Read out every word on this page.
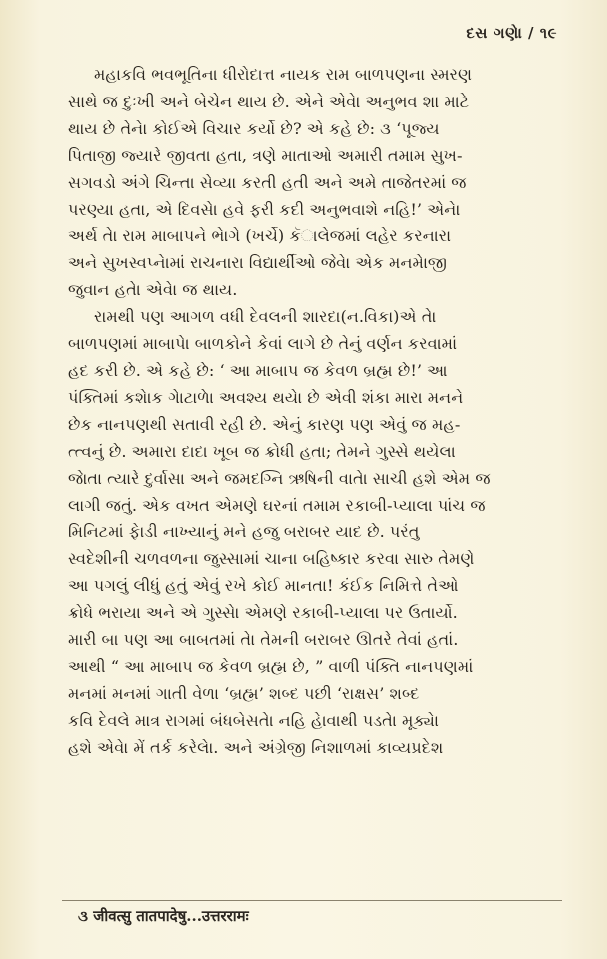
દસ ગણેા / ૧૯

મહાકવિ ભવભૂતિના ધીરોદાત્ત નાયક રામ બાળપણના સ્મરણ
સાથે જ દુઃખી અને બેચેન થાય છે. એને એવેા અનુભવ શા માટે
થાય છે તેનેા કોઈએ વિચાર કર્યો છે? એ કહે છે: ૩ ‘પૂજ્ય
પિતાજી જ્યારે જીવતા હતા, ત્રણે માતાઓ અમારી તમામ સુખ-
સગવડો અંગે ચિન્તા સેવ્યા કરતી હતી અને અમે તાજેતરમાં જ
પરણ્યા હતા, એ દિવસેા હવે ફરી કદી અનુભવાશે નહિ!’ એનેા
અર્થ તેા રામ માબાપને ભેાગે (ખર્ચે) કૅાલેજમાં લહેર કરનારા
અને સુખસ્વપ્નેામાં રાચનારા વિદ્યાર્થીઓ જેવેા એક મનમેાજી
જુવાન હતેા એવેા જ થાય.

રામથી પણ આગળ વધી દેવલની શારદા(ન.વિકા)એ તેા
બાળપણમાં માબાપેા બાળકોને કેવાં લાગે છે તેનું વર્ણન કરવામાં
હદ કરી છે. એ કહે છે: ‘ આ માબાપ જ કેવળ બ્રહ્મ છે!’ આ
પંક્તિમાં કશેાક ગેાટાળેા અવશ્ય થયેા છે એવી શંકા મારા મનને
છેક નાનપણથી સતાવી રહી છે. એનું કારણ પણ એવું જ મહ-
ત્ત્વનું છે. અમારા દાદા ખૂબ જ ક્રોધી હતા; તેમને ગુસ્સે થયેલા
જેાતા ત્યારે દુર્વાસા અને જમદગ્નિ ઋષિની વાતેા સાચી હશે એમ જ
લાગી જતું. એક વખત એમણે ઘરનાં તમામ રકાબી-પ્યાલા પાંચ જ
મિનિટમાં ફેાડી નાખ્યાનું મને હજુ બરાબર યાદ છે. પરંતુ
સ્વદેશીની ચળવળના જુસ્સામાં ચાના બહિષ્કાર કરવા સારુ તેમણે
આ પગલું લીધું હતું એવું રખે કોઈ માનતા! કંઈક નિમિત્તે તેઓ
ક્રોધે ભરાયા અને એ ગુસ્સેા એમણે રકાબી-પ્યાલા પર ઉતાર્યો.
મારી બા પણ આ બાબતમાં તેા તેમની બરાબર ઊતરે તેવાં હતાં.
આથી “ આ માબાપ જ કેવળ બ્રહ્મ છે, ” વાળી પંક્તિ નાનપણમાં
મનમાં મનમાં ગાતી વેળા ‘બ્રહ્મ’ શબ્દ પછી ‘રાક્ષસ’ શબ્દ
કવિ દેવલે માત્ર રાગમાં બંધબેસતેા નહિ હેાવાથી પડતેા મૂક્યેા
હશે એવેા મેં તર્ક કરેલેા. અને અંગ્રેજી નિશાળમાં કાવ્યપ્રદેશ

૩ जीवत्सु तातपादेषु...उत्तररामः
